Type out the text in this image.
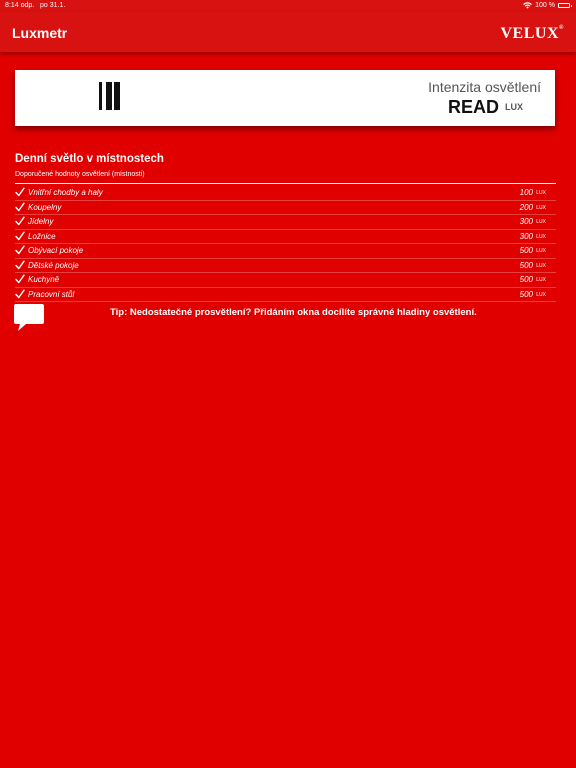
8:14 odp. po 31.1.	100 %
Luxmetr	VELUX®
Intenzita osvětlení
READ LUX
Denní světlo v místnostech
Doporučené hodnoty osvětlení (místnosti)
Vnitřní chodby a haly	100 LUX
Koupelny	200 LUX
Jídelny	300 LUX
Ložnice	300 LUX
Obývací pokoje	500 LUX
Dětské pokoje	500 LUX
Kuchyně	500 LUX
Pracovní stůl	500 LUX
Tip: Nedostatečné prosvětlení? Přidáním okna docílíte správné hladiny osvětlení.
